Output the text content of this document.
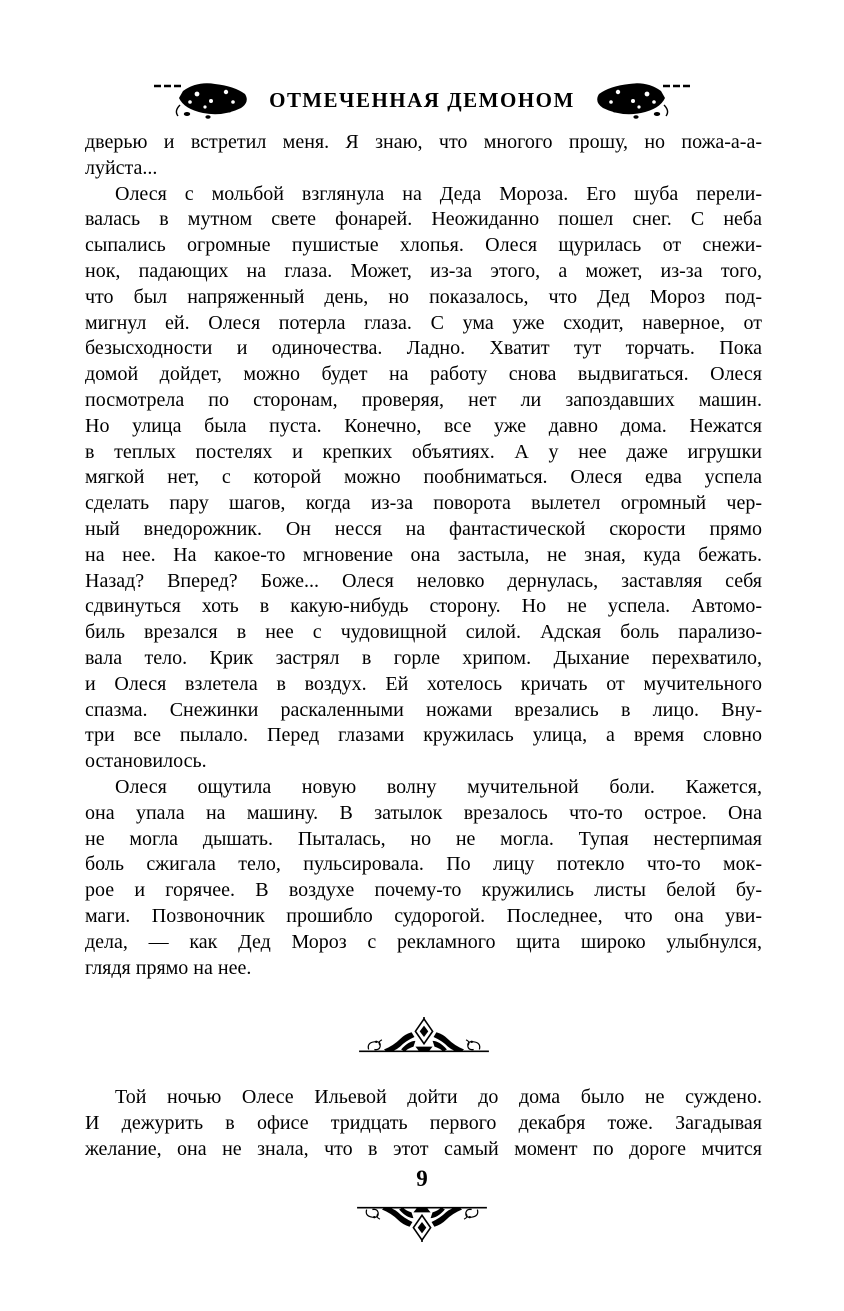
ОТМЕЧЕННАЯ ДЕМОНОМ
дверью и встретил меня. Я знаю, что многого прошу, но пожа-а-а-
луйста...
Олеся с мольбой взглянула на Деда Мороза. Его шуба перели-
валась в мутном свете фонарей. Неожиданно пошел снег. С неба
сыпались огромные пушистые хлопья. Олеся щурилась от снежи-
нок, падающих на глаза. Может, из-за этого, а может, из-за того,
что был напряженный день, но показалось, что Дед Мороз под-
мигнул ей. Олеся потерла глаза. С ума уже сходит, наверное, от
безысходности и одиночества. Ладно. Хватит тут торчать. Пока
домой дойдет, можно будет на работу снова выдвигаться. Олеся
посмотрела по сторонам, проверяя, нет ли запоздавших машин.
Но улица была пуста. Конечно, все уже давно дома. Нежатся
в теплых постелях и крепких объятиях. А у нее даже игрушки
мягкой нет, с которой можно пообниматься. Олеся едва успела
сделать пару шагов, когда из-за поворота вылетел огромный чер-
ный внедорожник. Он несся на фантастической скорости прямо
на нее. На какое-то мгновение она застыла, не зная, куда бежать.
Назад? Вперед? Боже... Олеся неловко дернулась, заставляя себя
сдвинуться хоть в какую-нибудь сторону. Но не успела. Автомо-
биль врезался в нее с чудовищной силой. Адская боль парализо-
вала тело. Крик застрял в горле хрипом. Дыхание перехватило,
и Олеся взлетела в воздух. Ей хотелось кричать от мучительного
спазма. Снежинки раскаленными ножами врезались в лицо. Вну-
три все пылало. Перед глазами кружилась улица, а время словно
остановилось.
Олеся ощутила новую волну мучительной боли. Кажется,
она упала на машину. В затылок врезалось что-то острое. Она
не могла дышать. Пыталась, но не могла. Тупая нестерпимая
боль сжигала тело, пульсировала. По лицу потекло что-то мок-
рое и горячее. В воздухе почему-то кружились листы белой бу-
маги. Позвоночник прошибло судорогой. Последнее, что она уви-
дела, — как Дед Мороз с рекламного щита широко улыбнулся,
глядя прямо на нее.
Той ночью Олесе Ильевой дойти до дома было не суждено.
И дежурить в офисе тридцать первого декабря тоже. Загадывая
желание, она не знала, что в этот самый момент по дороге мчится
9
